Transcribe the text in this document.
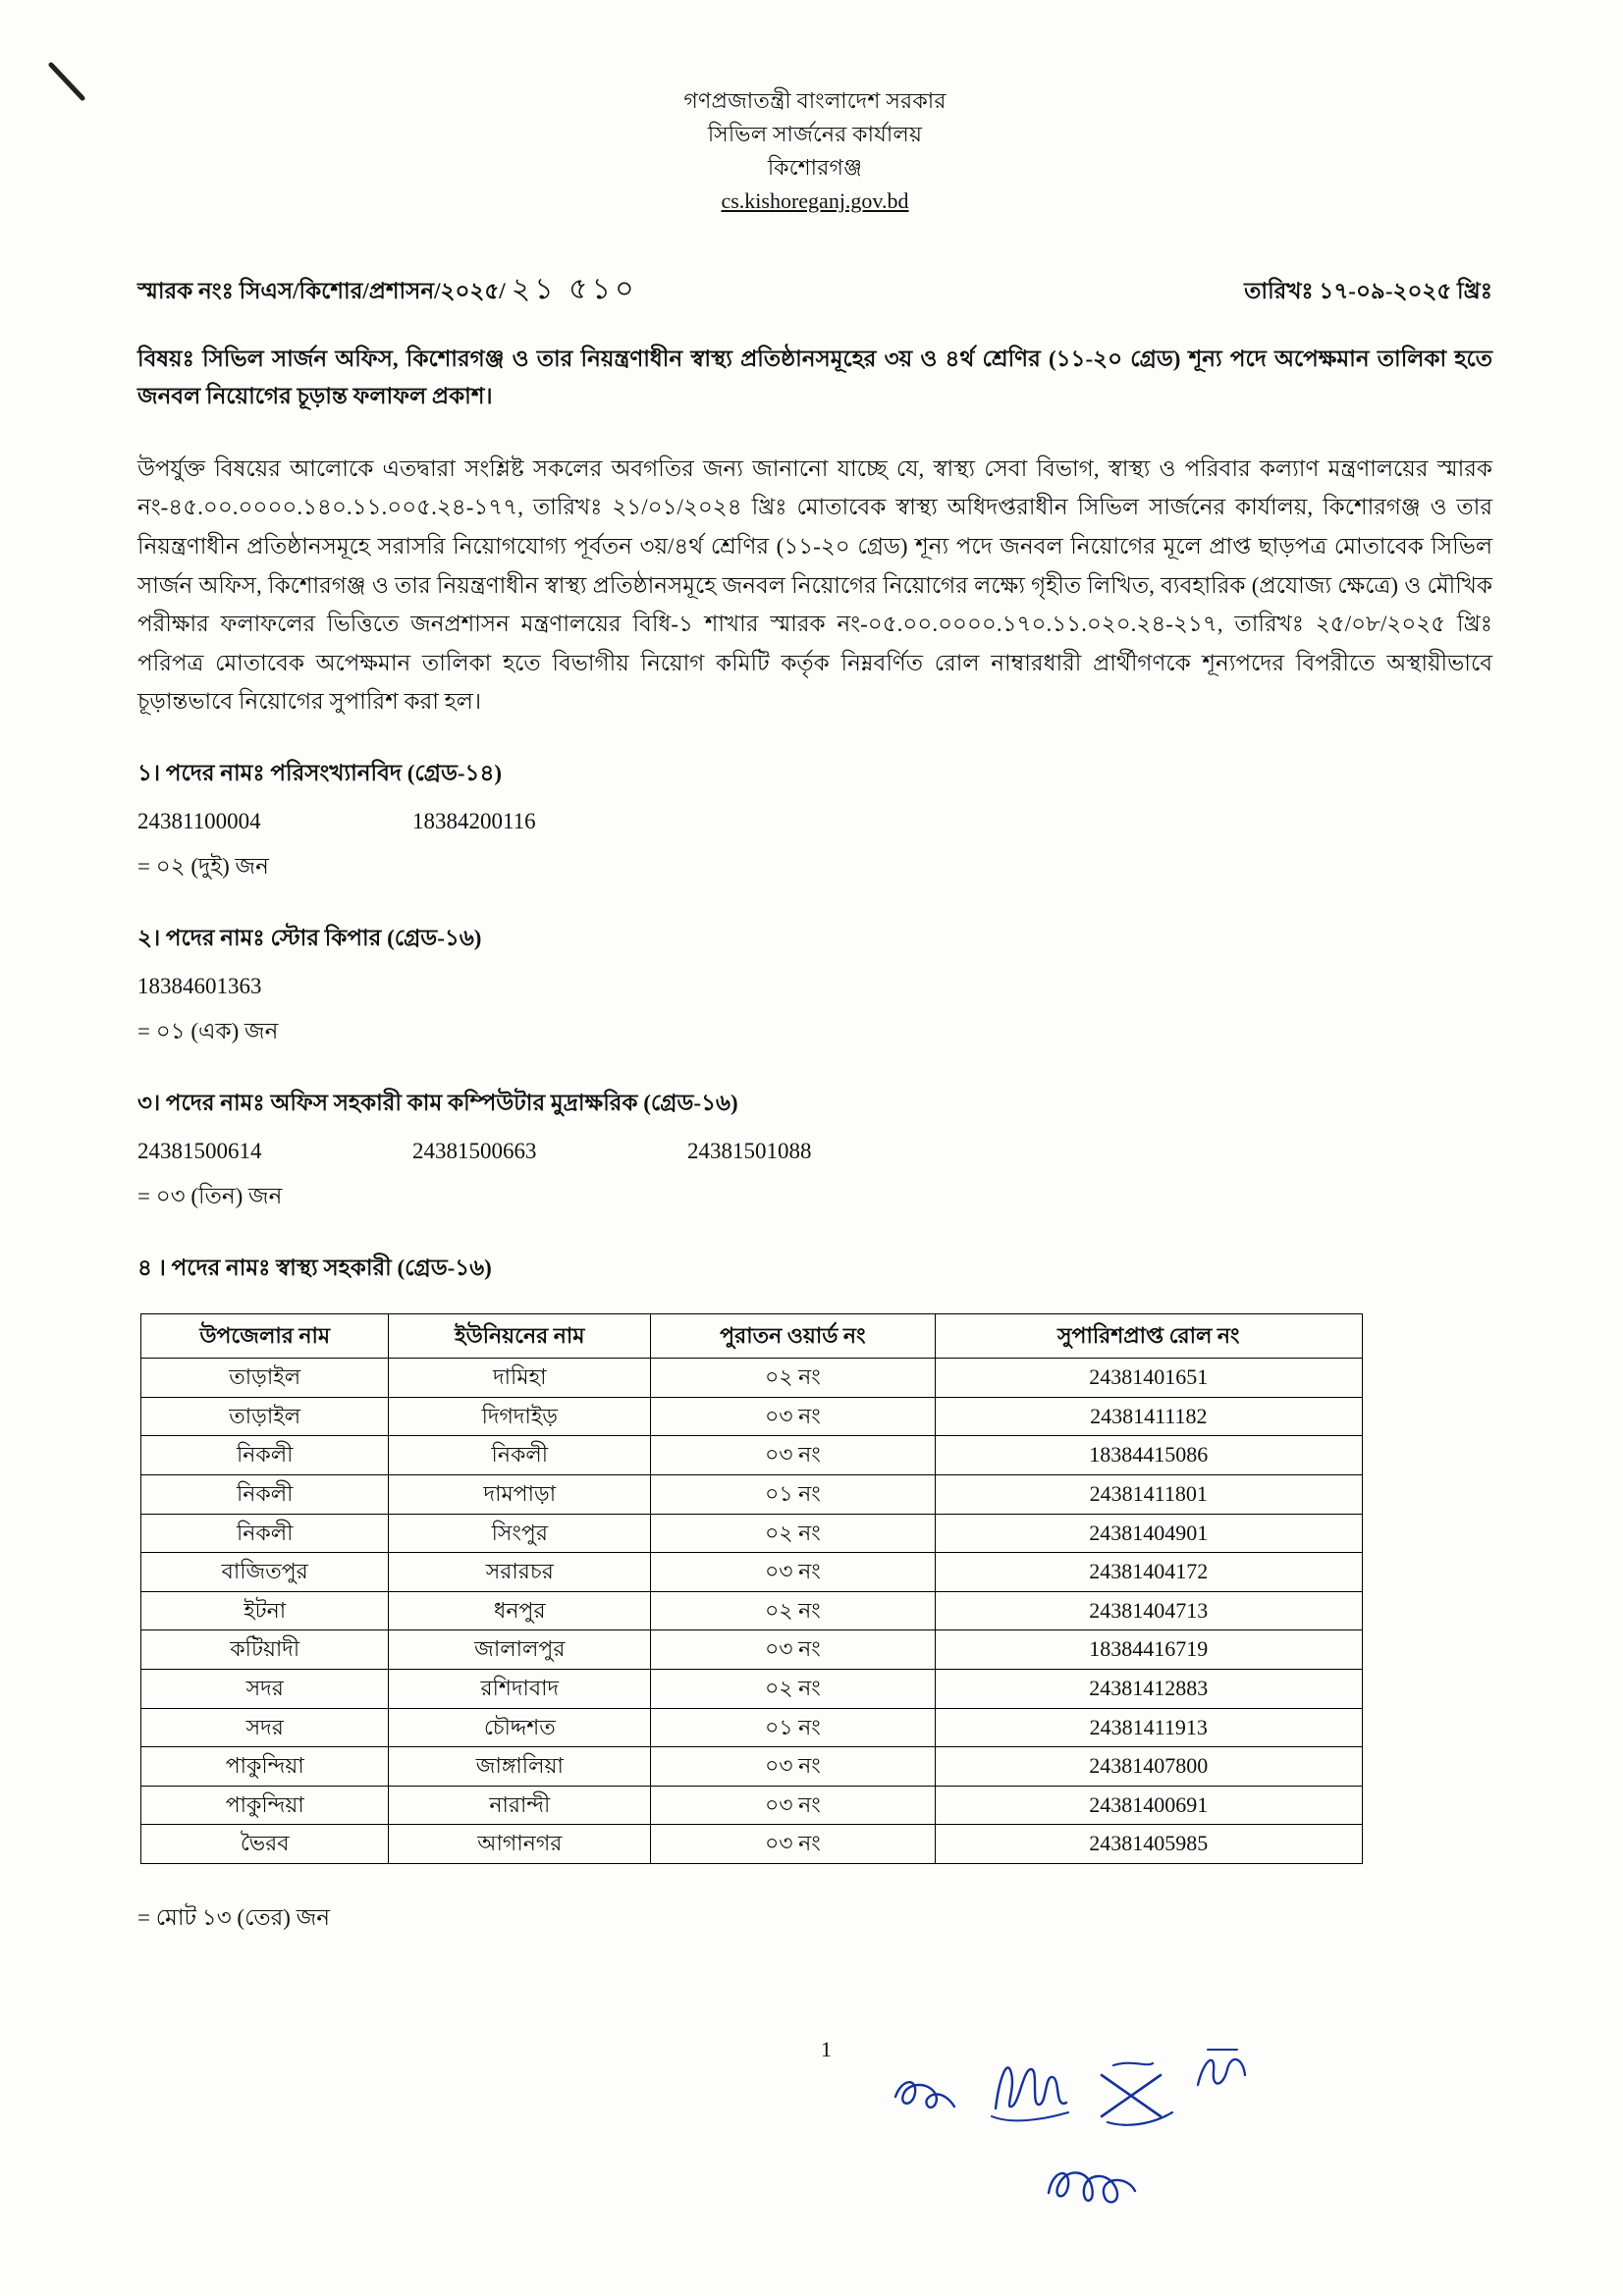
গণপ্রজাতন্ত্রী বাংলাদেশ সরকার
সিভিল সার্জনের কার্যালয়
কিশোরগঞ্জ
cs.kishoreganj.gov.bd
স্মারক নংঃ সিএস/কিশোর/প্রশাসন/২০২৫/ ২১ ৫১০	তারিখঃ ১৭-০৯-২০২৫ খ্রিঃ
বিষয়ঃ সিভিল সার্জন অফিস, কিশোরগঞ্জ ও তার নিয়ন্ত্রণাধীন স্বাস্থ্য প্রতিষ্ঠানসমূহের ৩য় ও ৪র্থ শ্রেণির (১১-২০ গ্রেড) শূন্য পদে অপেক্ষমান তালিকা হতে জনবল নিয়োগের চূড়ান্ত ফলাফল প্রকাশ।
উপর্যুক্ত বিষয়ের আলোকে এতদ্বারা সংশ্লিষ্ট সকলের অবগতির জন্য জানানো যাচ্ছে যে, স্বাস্থ্য সেবা বিভাগ, স্বাস্থ্য ও পরিবার কল্যাণ মন্ত্রণালয়ের স্মারক নং-৪৫.০০.০০০০.১৪০.১১.০০৫.২৪-১৭৭, তারিখঃ ২১/০১/২০২৪ খ্রিঃ মোতাবেক স্বাস্থ্য অধিদপ্তরাধীন সিভিল সার্জনের কার্যালয়, কিশোরগঞ্জ ও তার নিয়ন্ত্রণাধীন প্রতিষ্ঠানসমূহে সরাসরি নিয়োগযোগ্য পূর্বতন ৩য়/৪র্থ শ্রেণির (১১-২০ গ্রেড) শূন্য পদে জনবল নিয়োগের মূলে প্রাপ্ত ছাড়পত্র মোতাবেক সিভিল সার্জন অফিস, কিশোরগঞ্জ ও তার নিয়ন্ত্রণাধীন স্বাস্থ্য প্রতিষ্ঠানসমূহে জনবল নিয়োগের নিয়োগের লক্ষ্যে গৃহীত লিখিত, ব্যবহারিক (প্রযোজ্য ক্ষেত্রে) ও মৌখিক পরীক্ষার ফলাফলের ভিত্তিতে জনপ্রশাসন মন্ত্রণালয়ের বিধি-১ শাখার স্মারক নং-০৫.০০.০০০০.১৭০.১১.০২০.২৪-২১৭, তারিখঃ ২৫/০৮/২০২৫ খ্রিঃ পরিপত্র মোতাবেক অপেক্ষমান তালিকা হতে বিভাগীয় নিয়োগ কমিটি কর্তৃক নিম্নবর্ণিত রোল নাম্বারধারী প্রার্থীগণকে শূন্যপদের বিপরীতে অস্থায়ীভাবে চূড়ান্তভাবে নিয়োগের সুপারিশ করা হল।
১। পদের নামঃ পরিসংখ্যানবিদ (গ্রেড-১৪)
24381100004	18384200116
= ০২ (দুই) জন
২। পদের নামঃ স্টোর কিপার (গ্রেড-১৬)
18384601363
= ০১ (এক) জন
৩। পদের নামঃ অফিস সহকারী কাম কম্পিউটার মুদ্রাক্ষরিক (গ্রেড-১৬)
24381500614	24381500663	24381501088
= ০৩ (তিন) জন
৪ । পদের নামঃ স্বাস্থ্য সহকারী (গ্রেড-১৬)
উপজেলার নাম	ইউনিয়নের নাম	পুরাতন ওয়ার্ড নং	সুপারিশপ্রাপ্ত রোল নং
তাড়াইল	দামিহা	০২ নং	24381401651
তাড়াইল	দিগদাইড়	০৩ নং	24381411182
নিকলী	নিকলী	০৩ নং	18384415086
নিকলী	দামপাড়া	০১ নং	24381411801
নিকলী	সিংপুর	০২ নং	24381404901
বাজিতপুর	সরারচর	০৩ নং	24381404172
ইটনা	ধনপুর	০২ নং	24381404713
কটিয়াদী	জালালপুর	০৩ নং	18384416719
সদর	রশিদাবাদ	০২ নং	24381412883
সদর	চৌদ্দশত	০১ নং	24381411913
পাকুন্দিয়া	জাঙ্গালিয়া	০৩ নং	24381407800
পাকুন্দিয়া	নারান্দী	০৩ নং	24381400691
ভৈরব	আগানগর	০৩ নং	24381405985
= মোট ১৩ (তের) জন
1
